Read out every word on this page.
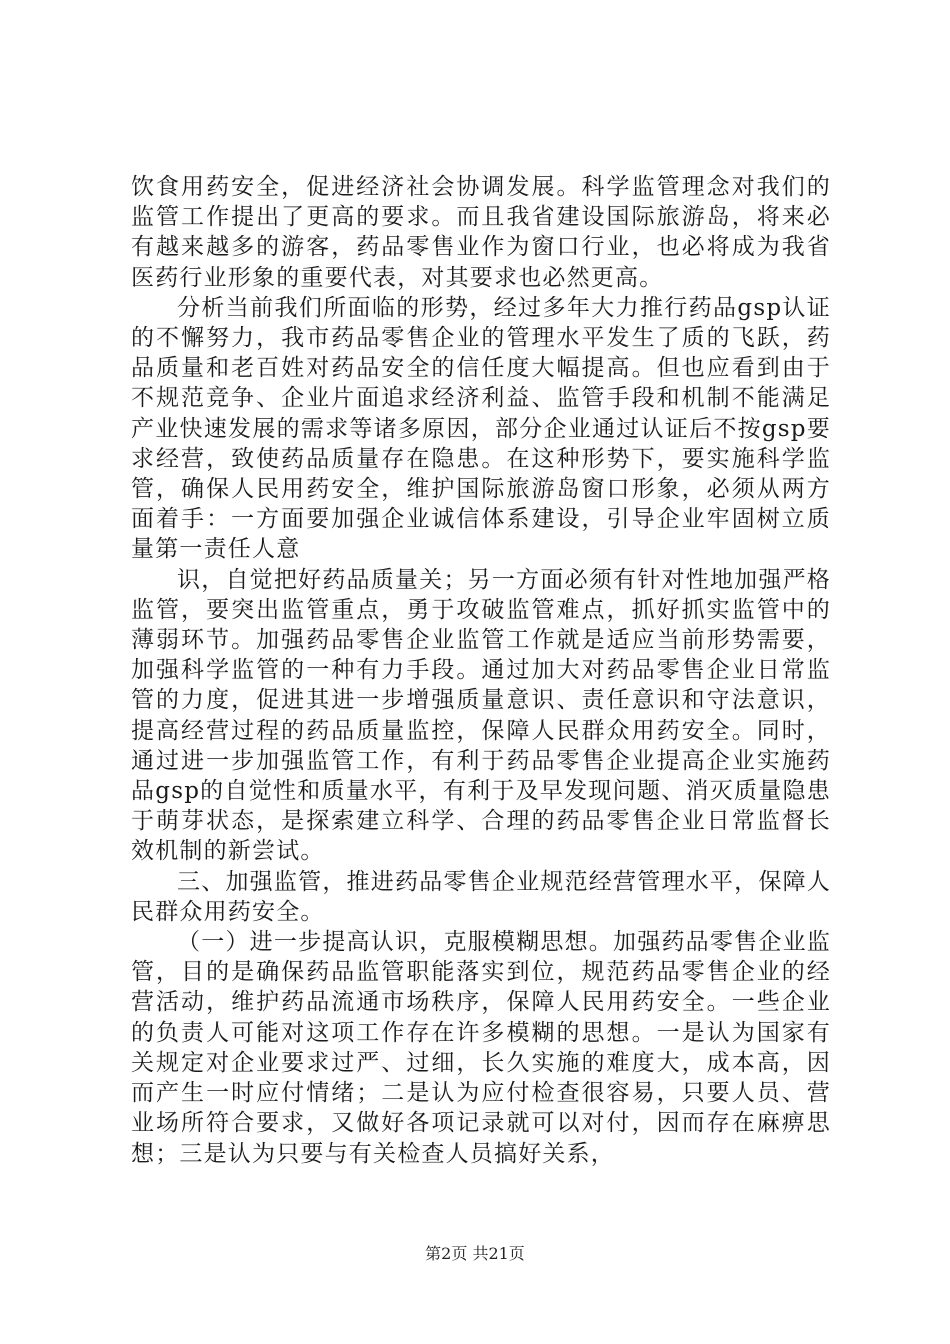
饮食用药安全，促进经济社会协调发展。科学监管理念对我们的监管工作提出了更高的要求。而且我省建设国际旅游岛，将来必有越来越多的游客，药品零售业作为窗口行业，也必将成为我省医药行业形象的重要代表，对其要求也必然更高。

分析当前我们所面临的形势，经过多年大力推行药品gsp认证的不懈努力，我市药品零售企业的管理水平发生了质的飞跃，药品质量和老百姓对药品安全的信任度大幅提高。但也应看到由于不规范竞争、企业片面追求经济利益、监管手段和机制不能满足产业快速发展的需求等诸多原因，部分企业通过认证后不按gsp要求经营，致使药品质量存在隐患。在这种形势下，要实施科学监管，确保人民用药安全，维护国际旅游岛窗口形象，必须从两方面着手：一方面要加强企业诚信体系建设，引导企业牢固树立质量第一责任人意

识，自觉把好药品质量关；另一方面必须有针对性地加强严格监管，要突出监管重点，勇于攻破监管难点，抓好抓实监管中的薄弱环节。加强药品零售企业监管工作就是适应当前形势需要，加强科学监管的一种有力手段。通过加大对药品零售企业日常监管的力度，促进其进一步增强质量意识、责任意识和守法意识，提高经营过程的药品质量监控，保障人民群众用药安全。同时，通过进一步加强监管工作，有利于药品零售企业提高企业实施药品gsp的自觉性和质量水平，有利于及早发现问题、消灭质量隐患于萌芽状态，是探索建立科学、合理的药品零售企业日常监督长效机制的新尝试。

三、加强监管，推进药品零售企业规范经营管理水平，保障人民群众用药安全。

（一）进一步提高认识，克服模糊思想。加强药品零售企业监管，目的是确保药品监管职能落实到位，规范药品零售企业的经营活动，维护药品流通市场秩序，保障人民用药安全。一些企业的负责人可能对这项工作存在许多模糊的思想。一是认为国家有关规定对企业要求过严、过细，长久实施的难度大，成本高，因而产生一时应付情绪；二是认为应付检查很容易，只要人员、营业场所符合要求，又做好各项记录就可以对付，因而存在麻痹思想；三是认为只要与有关检查人员搞好关系，

第2页 共21页
